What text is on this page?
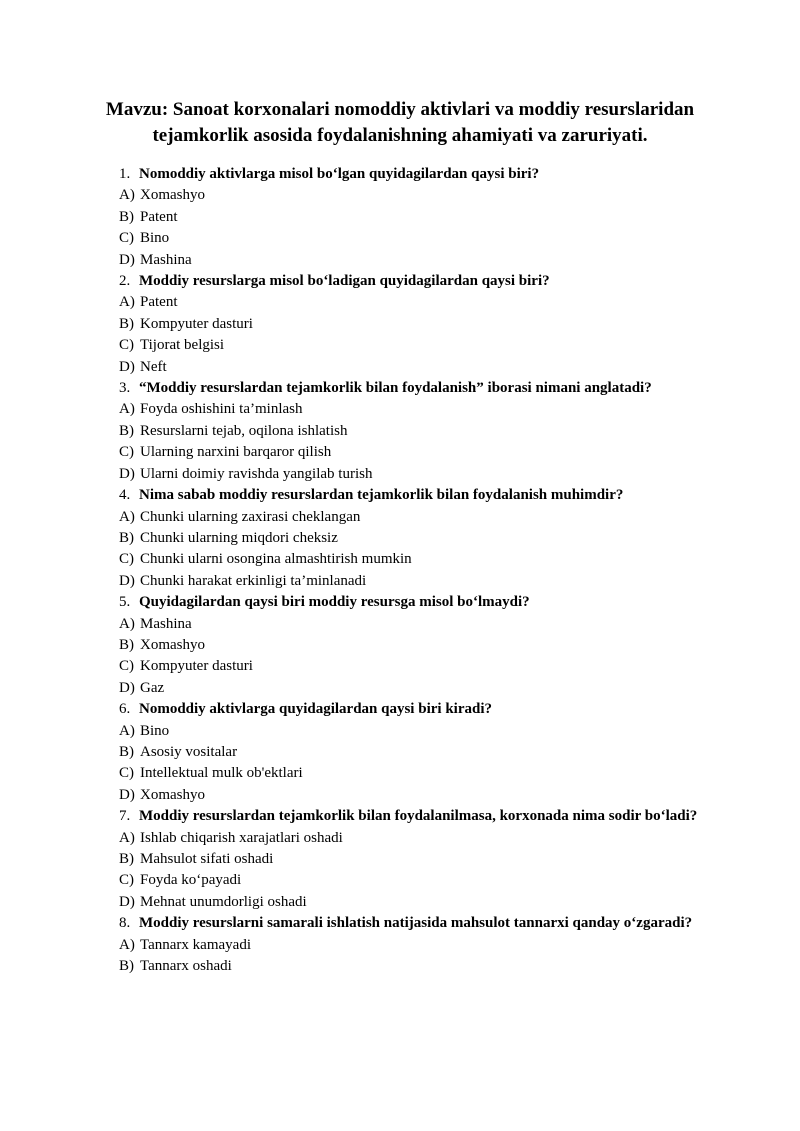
Mavzu: Sanoat korxonalari nomoddiy aktivlari va moddiy resurslaridan
tejamkorlik asosida foydalanishning ahamiyati va zaruriyati.
1. Nomoddiy aktivlarga misol bo‘lgan quyidagilardan qaysi biri?
A) Xomashyo
B) Patent
C) Bino
D) Mashina
2. Moddiy resurslarga misol bo‘ladigan quyidagilardan qaysi biri?
A) Patent
B) Kompyuter dasturi
C) Tijorat belgisi
D) Neft
3. “Moddiy resurslardan tejamkorlik bilan foydalanish” iborasi nimani anglatadi?
A) Foyda oshishini ta’minlash
B) Resurslarni tejab, oqilona ishlatish
C) Ularning narxini barqaror qilish
D) Ularni doimiy ravishda yangilab turish
4. Nima sabab moddiy resurslardan tejamkorlik bilan foydalanish muhimdir?
A) Chunki ularning zaxirasi cheklangan
B) Chunki ularning miqdori cheksiz
C) Chunki ularni osongina almashtirish mumkin
D) Chunki harakat erkinligi ta’minlanadi
5. Quyidagilardan qaysi biri moddiy resursga misol bo‘lmaydi?
A) Mashina
B) Xomashyo
C) Kompyuter dasturi
D) Gaz
6. Nomoddiy aktivlarga quyidagilardan qaysi biri kiradi?
A) Bino
B) Asosiy vositalar
C) Intellektual mulk ob'ektlari
D) Xomashyo
7. Moddiy resurslardan tejamkorlik bilan foydalanilmasa, korxonada nima sodir bo‘ladi?
A) Ishlab chiqarish xarajatlari oshadi
B) Mahsulot sifati oshadi
C) Foyda ko‘payadi
D) Mehnat unumdorligi oshadi
8. Moddiy resurslarni samarali ishlatish natijasida mahsulot tannarxi qanday o‘zgaradi?
A) Tannarx kamayadi
B) Tannarx oshadi
